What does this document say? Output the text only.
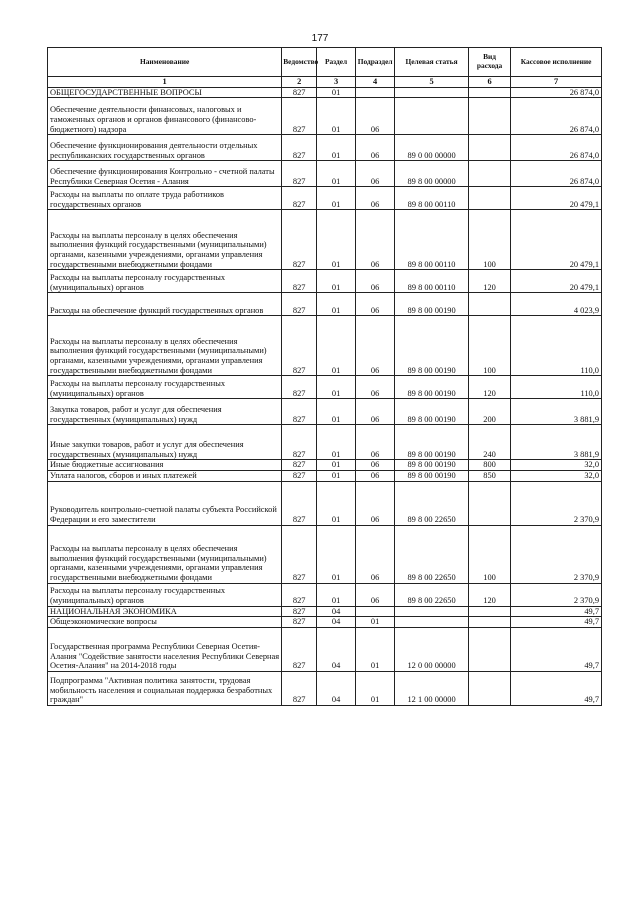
177
Наименование	Ведомство	Раздел	Подраздел	Целевая статья	Вид расхода	Кассовое исполнение
1	2	3	4	5	6	7
ОБЩЕГОСУДАРСТВЕННЫЕ ВОПРОСЫ	827	01				26 874,0
Обеспечение деятельности финансовых, налоговых и таможенных органов и органов финансового (финансово-бюджетного) надзора	827	01	06			26 874,0
Обеспечение функционирования деятельности отдельных республиканских государственных органов	827	01	06	89 0 00 00000		26 874,0
Обеспечение функционирования Контрольно - счетной палаты Республики Северная Осетия - Алания	827	01	06	89 8 00 00000		26 874,0
Расходы на выплаты по оплате труда работников государственных органов	827	01	06	89 8 00 00110		20 479,1
Расходы на выплаты персоналу в целях обеспечения выполнения функций государственными (муниципальными) органами, казенными учреждениями, органами управления государственными внебюджетными фондами	827	01	06	89 8 00 00110	100	20 479,1
Расходы на выплаты персоналу государственных (муниципальных) органов	827	01	06	89 8 00 00110	120	20 479,1
Расходы на обеспечение функций государственных органов	827	01	06	89 8 00 00190		4 023,9
Расходы на выплаты персоналу в целях обеспечения выполнения функций государственными (муниципальными) органами, казенными учреждениями, органами управления государственными внебюджетными фондами	827	01	06	89 8 00 00190	100	110,0
Расходы на выплаты персоналу государственных (муниципальных) органов	827	01	06	89 8 00 00190	120	110,0
Закупка товаров, работ и услуг для обеспечения государственных (муниципальных) нужд	827	01	06	89 8 00 00190	200	3 881,9
Иные закупки товаров, работ и услуг для обеспечения государственных (муниципальных) нужд	827	01	06	89 8 00 00190	240	3 881,9
Иные бюджетные ассигнования	827	01	06	89 8 00 00190	800	32,0
Уплата налогов, сборов и иных платежей	827	01	06	89 8 00 00190	850	32,0
Руководитель контрольно-счетной палаты субъекта Российской Федерации и его заместители	827	01	06	89 8 00 22650		2 370,9
Расходы на выплаты персоналу в целях обеспечения выполнения функций государственными (муниципальными) органами, казенными учреждениями, органами управления государственными внебюджетными фондами	827	01	06	89 8 00 22650	100	2 370,9
Расходы на выплаты персоналу государственных (муниципальных) органов	827	01	06	89 8 00 22650	120	2 370,9
НАЦИОНАЛЬНАЯ ЭКОНОМИКА	827	04				49,7
Общеэкономические вопросы	827	04	01			49,7
Государственная программа Республики Северная Осетия-Алания "Содействие занятости населения Республики Северная Осетия-Алания" на 2014-2018 годы	827	04	01	12 0 00 00000		49,7
Подпрограмма "Активная политика занятости, трудовая мобильность населения и социальная поддержка безработных граждан"	827	04	01	12 1 00 00000		49,7
